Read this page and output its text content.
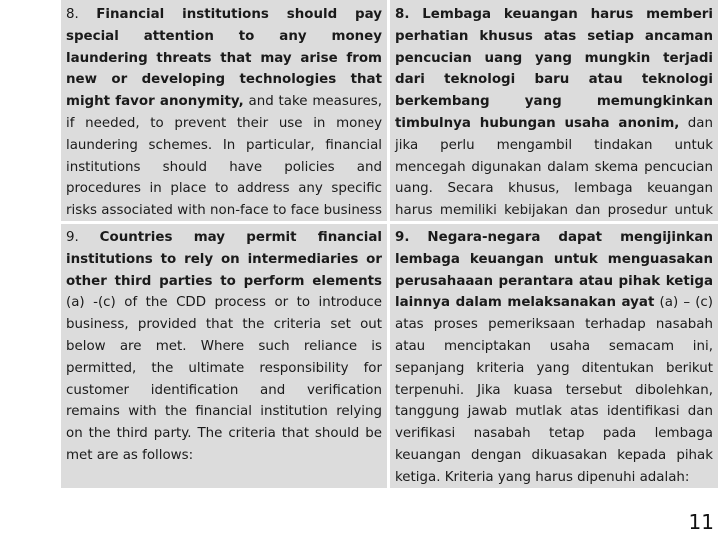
8. Financial institutions should pay special attention to any money laundering threats that may arise from new or developing technologies that might favor anonymity, and take measures, if needed, to prevent their use in money laundering schemes. In particular, financial institutions should have policies and procedures in place to address any specific risks associated with non-face to face business
8. Lembaga keuangan harus memberi perhatian khusus atas setiap ancaman pencucian uang yang mungkin terjadi dari teknologi baru atau teknologi berkembang yang memungkinkan timbulnya hubungan usaha anonim, dan jika perlu mengambil tindakan untuk mencegah digunakan dalam skema pencucian uang. Secara khusus, lembaga keuangan harus memiliki kebijakan dan prosedur untuk
9. Countries may permit financial institutions to rely on intermediaries or other third parties to perform elements (a) -(c) of the CDD process or to introduce business, provided that the criteria set out below are met. Where such reliance is permitted, the ultimate responsibility for customer identification and verification remains with the financial institution relying on the third party. The criteria that should be met are as follows:
9. Negara-negara dapat mengijinkan lembaga keuangan untuk menguasakan perusahaaan perantara atau pihak ketiga lainnya dalam melaksanakan ayat (a) – (c) atas proses pemeriksaan terhadap nasabah atau menciptakan usaha semacam ini, sepanjang kriteria yang ditentukan berikut terpenuhi. Jika kuasa tersebut dibolehkan, tanggung jawab mutlak atas identifikasi dan verifikasi nasabah tetap pada lembaga keuangan dengan dikuasakan kepada pihak ketiga. Kriteria yang harus dipenuhi adalah:
11
